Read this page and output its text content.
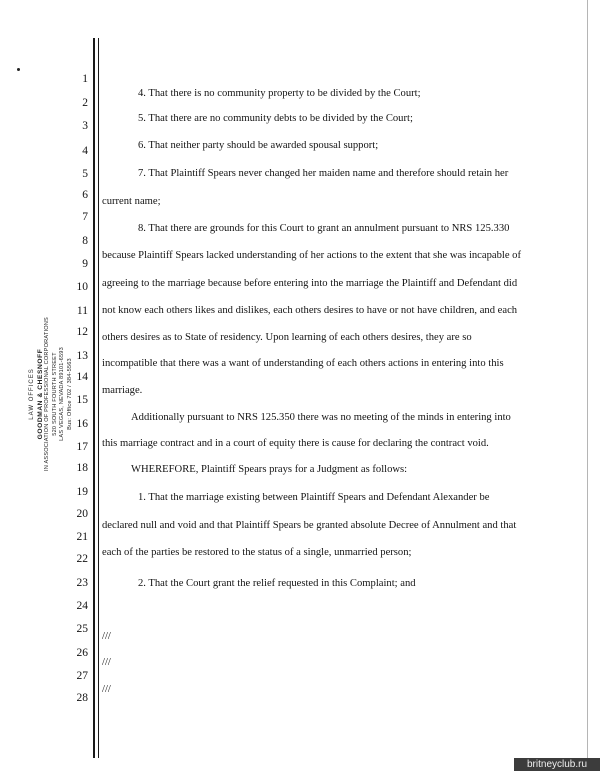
LAW OFFICES GOODMAN & CHESNOFF IN ASSOCIATION OF PROFESSIONAL CORPORATIONS 520 SOUTH FOURTH STREET LAS VEGAS, NEVADA 89101-6593 Bus: Office 702 / 384-5563
1
2
3
4
5
6
7
8
9
10
11
12
13
14
15
16
17
18
19
20
21
22
23
24
25
26
27
28
4. That there is no community property to be divided by the Court;
5. That there are no community debts to be divided by the Court;
6. That neither party should be awarded spousal support;
7. That Plaintiff Spears never changed her maiden name and therefore should retain her
current name;
8. That there are grounds for this Court to grant an annulment pursuant to NRS 125.330
because Plaintiff Spears lacked understanding of her actions to the extent that she was incapable of
agreeing to the marriage because before entering into the marriage the Plaintiff and Defendant did
not know each others likes and dislikes, each others desires to have or not have children, and each
others desires as to State of residency. Upon learning of each others desires, they are so
incompatible that there was a want of understanding of each others actions in entering into this
marriage.
Additionally pursuant to NRS 125.350 there was no meeting of the minds in entering into
this marriage contract and in a court of equity there is cause for declaring the contract void.
WHEREFORE, Plaintiff Spears prays for a Judgment as follows:
1. That the marriage existing between Plaintiff Spears and Defendant Alexander be
declared null and void and that Plaintiff Spears be granted absolute Decree of Annulment and that
each of the parties be restored to the status of a single, unmarried person;
2. That the Court grant the relief requested in this Complaint; and
///
///
///
britneyclub.ru
